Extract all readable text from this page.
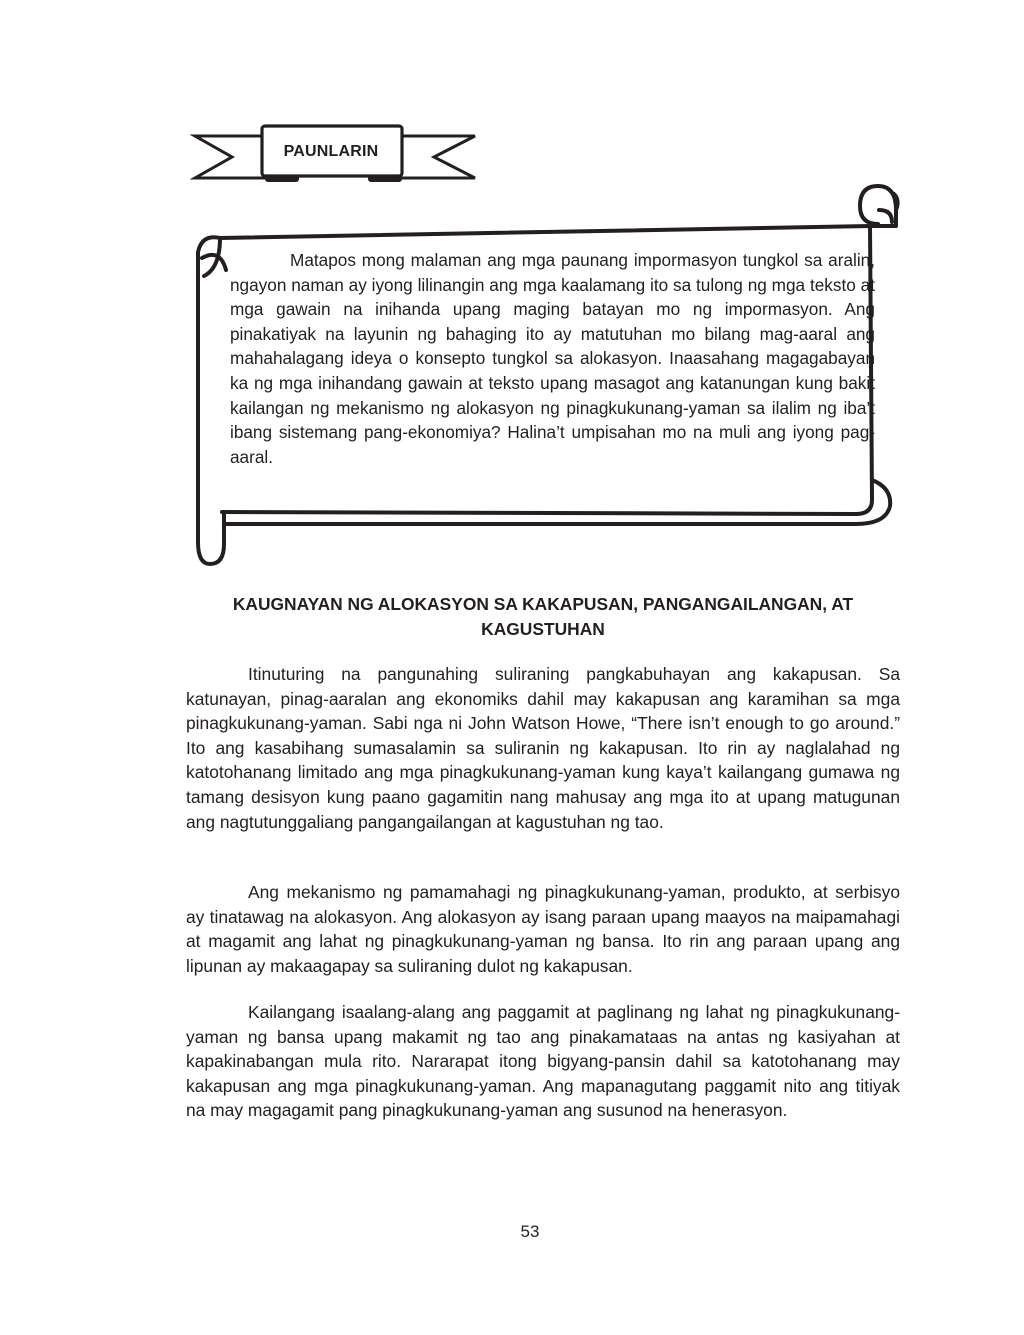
PAUNLARIN

Matapos mong malaman ang mga paunang impormasyon tungkol sa aralin, ngayon naman ay iyong lilinangin ang mga kaalamang ito sa tulong ng mga teksto at mga gawain na inihanda upang maging batayan mo ng impormasyon. Ang pinakatiyak na layunin ng bahaging ito ay matutuhan mo bilang mag-aaral ang mahahalagang ideya o konsepto tungkol sa alokasyon. Inaasahang magagabayan ka ng mga inihandang gawain at teksto upang masagot ang katanungan kung bakit kailangan ng mekanismo ng alokasyon ng pinagkukunang-yaman sa ilalim ng iba’t ibang sistemang pang-ekonomiya? Halina’t umpisahan mo na muli ang iyong pag-aaral.

KAUGNAYAN NG ALOKASYON SA KAKAPUSAN, PANGANGAILANGAN, AT KAGUSTUHAN

Itinuturing na pangunahing suliraning pangkabuhayan ang kakapusan. Sa katunayan, pinag-aaralan ang ekonomiks dahil may kakapusan ang karamihan sa mga pinagkukunang-yaman. Sabi nga ni John Watson Howe, “There isn’t enough to go around.” Ito ang kasabihang sumasalamin sa suliranin ng kakapusan. Ito rin ay naglalahad ng katotohanang limitado ang mga pinagkukunang-yaman kung kaya’t kailangang gumawa ng tamang desisyon kung paano gagamitin nang mahusay ang mga ito at upang matugunan ang nagtutunggaliang pangangailangan at kagustuhan ng tao.

Ang mekanismo ng pamamahagi ng pinagkukunang-yaman, produkto, at serbisyo ay tinatawag na alokasyon. Ang alokasyon ay isang paraan upang maayos na maipamahagi at magamit ang lahat ng pinagkukunang-yaman ng bansa. Ito rin ang paraan upang ang lipunan ay makaagapay sa suliraning dulot ng kakapusan.

Kailangang isaalang-alang ang paggamit at paglinang ng lahat ng pinagkukunang-yaman ng bansa upang makamit ng tao ang pinakamataas na antas ng kasiyahan at kapakinabangan mula rito. Nararapat itong bigyang-pansin dahil sa katotohanang may kakapusan ang mga pinagkukunang-yaman. Ang mapanagutang paggamit nito ang titiyak na may magagamit pang pinagkukunang-yaman ang susunod na henerasyon.

53
